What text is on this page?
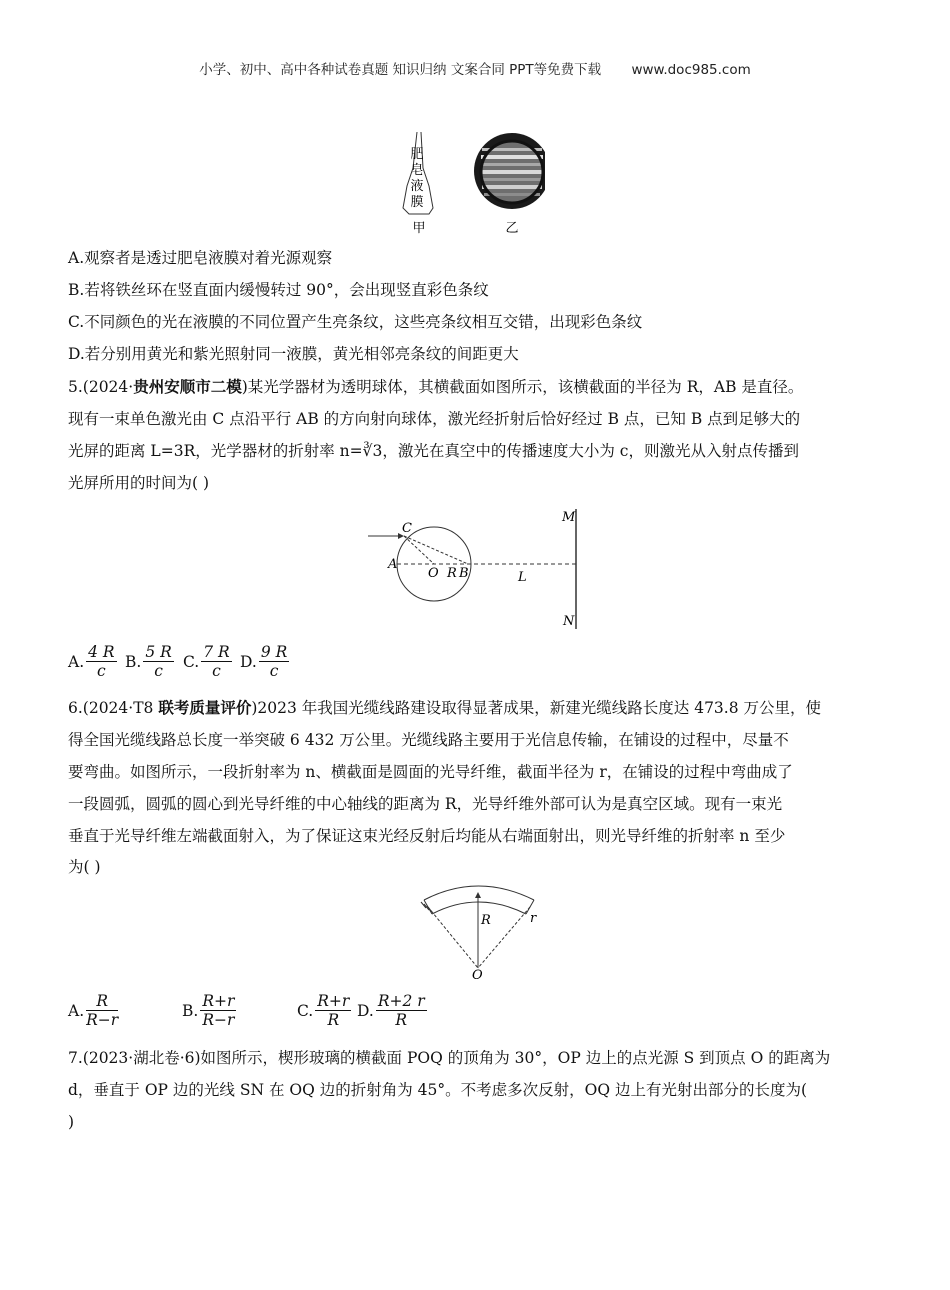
小学、初中、高中各种试卷真题 知识归纳 文案合同 PPT等免费下载 www.doc985.com
肥
皂
液
膜
甲	乙
A.观察者是透过肥皂液膜对着光源观察
B.若将铁丝环在竖直面内缓慢转过 90°，会出现竖直彩色条纹
C.不同颜色的光在液膜的不同位置产生亮条纹，这些亮条纹相互交错，出现彩色条纹
D.若分别用黄光和紫光照射同一液膜，黄光相邻亮条纹的间距更大
5.(2024·贵州安顺市二模)某光学器材为透明球体，其横截面如图所示，该横截面的半径为 R，AB 是直径。
现有一束单色激光由 C 点沿平行 AB 的方向射向球体，激光经折射后恰好经过 B 点，已知 B 点到足够大的
光屏的距离 L=3R，光学器材的折射率 n=∛3，激光在真空中的传播速度大小为 c，则激光从入射点传播到
光屏所用的时间为( )
C
A
O R B	L
M
N
A. $\frac{4 R}{c} B$. $\frac{5 R}{c} C$. $\frac{7 R}{c} D$. $\frac{9 R}{c}$
6.(2024·T8 联考质量评价)2023 年我国光缆线路建设取得显著成果，新建光缆线路长度达 473.8 万公里，使
得全国光缆线路总长度一举突破 6 432 万公里。光缆线路主要用于光信息传输，在铺设的过程中，尽量不
要弯曲。如图所示，一段折射率为 n、横截面是圆面的光导纤维，截面半径为 r，在铺设的过程中弯曲成了
一段圆弧，圆弧的圆心到光导纤维的中心轴线的距离为 R，光导纤维外部可认为是真空区域。现有一束光
垂直于光导纤维左端截面射入，为了保证这束光经反射后均能从右端面射出，则光导纤维的折射率 n 至少
为( )
R	r
O
A. $\frac{R}{R-r}$	B. $\frac{R+r}{R-r}$	C. $\frac{R+r}{R} D$. $\frac{R+2 r}{R}$
7.(2023·湖北卷·6)如图所示，楔形玻璃的横截面 POQ 的顶角为 30°，OP 边上的点光源 S 到顶点 O 的距离为
d，垂直于 OP 边的光线 SN 在 OQ 边的折射角为 45°。不考虑多次反射，OQ 边上有光射出部分的长度为(
)
